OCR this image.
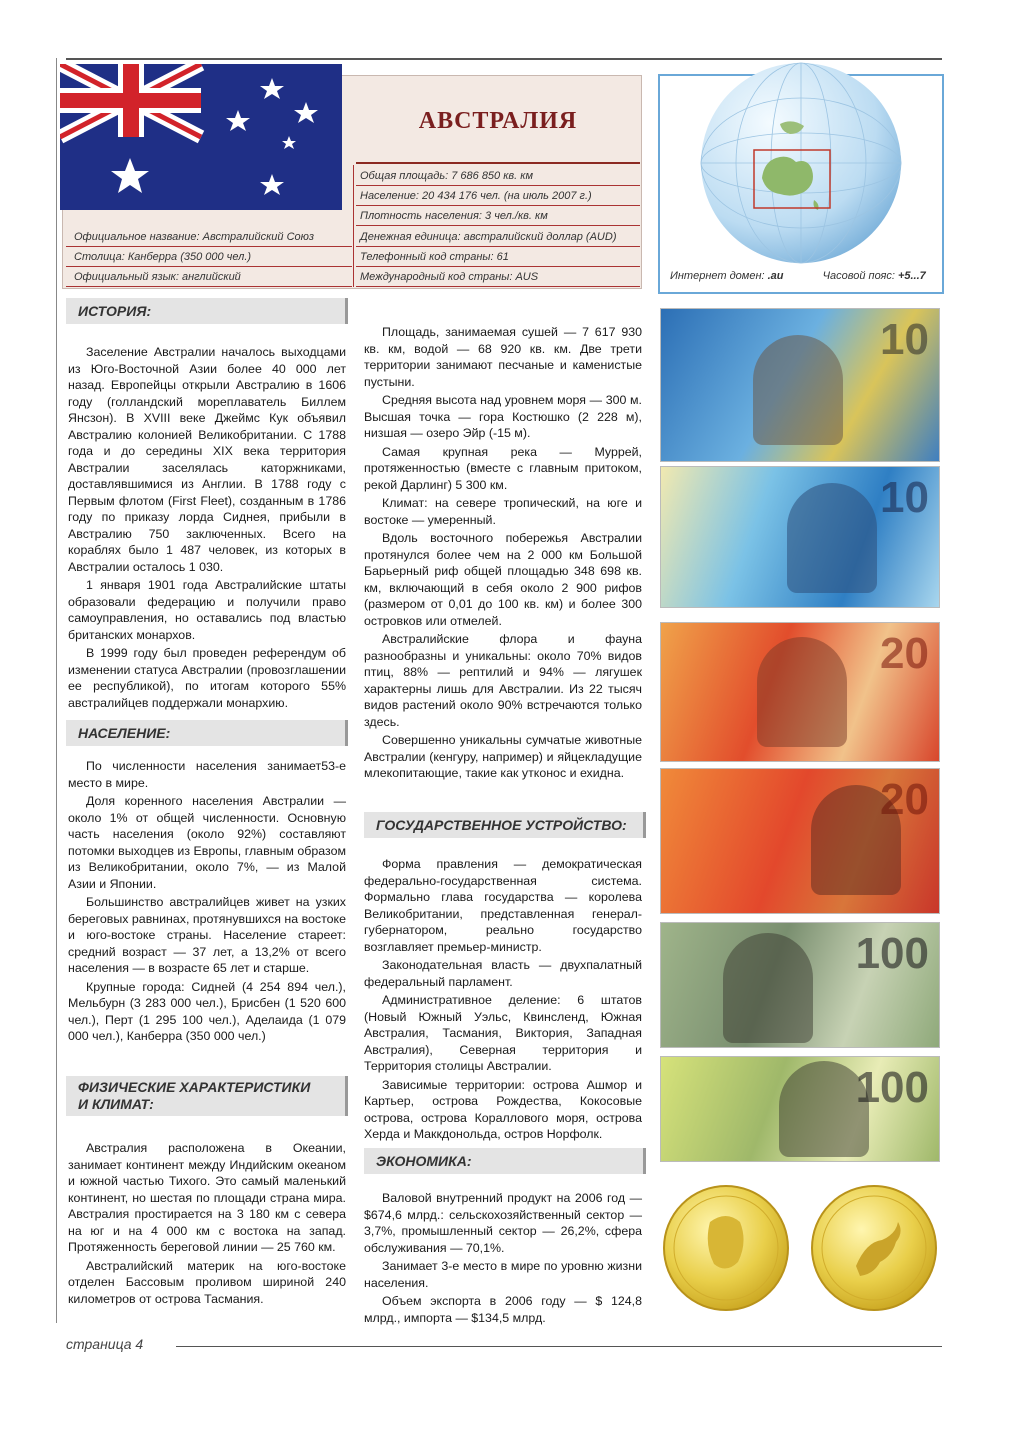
АВСТРАЛИЯ
Общая площадь: 7 686 850 кв. км
Население: 20 434 176 чел. (на июль 2007 г.)
Плотность населения: 3 чел./кв. км
Денежная единица: австралийский доллар (AUD)
Телефонный код страны: 61
Международный код страны: AUS
Официальное название: Австралийский Союз
Столица: Канберра (350 000 чел.)
Официальный язык: английский	Интернет домен: .au	Часовой пояс: +5...7
ИСТОРИЯ:

Заселение Австралии началось выходцами из Юго-Восточной Азии более 40 000 лет назад. Европейцы открыли Австралию в 1606 году (голландский мореплаватель Биллем Янсзон). В XVIII веке Джеймс Кук объявил Австралию колонией Великобритании. С 1788 года и до середины XIX века территория Австралии заселялась каторжниками, доставлявшимися из Англии. В 1788 году с Первым флотом (First Fleet), созданным в 1786 году по приказу лорда Сиднея, прибыли в Австралию 750 заключенных. Всего на кораблях было 1 487 человек, из которых в Австралии осталось 1 030.

1 января 1901 года Австралийские штаты образовали федерацию и получили право самоуправления, но оставались под властью британских монархов.

В 1999 году был проведен референдум об изменении статуса Австралии (провозглашении ее республикой), по итогам которого 55% австралийцев поддержали монархию.

НАСЕЛЕНИЕ:

По численности населения занимает53-е место в мире.

Доля коренного населения Австралии — около 1% от общей численности. Основную часть населения (около 92%) составляют потомки выходцев из Европы, главным образом из Великобритании, около 7%, — из Малой Азии и Японии.

Большинство австралийцев живет на узких береговых равнинах, протянувшихся на востоке и юго-востоке страны. Население стареет: средний возраст — 37 лет, а 13,2% от всего населения — в возрасте 65 лет и старше.

Крупные города: Сидней (4 254 894 чел.), Мельбурн (3 283 000 чел.), Брисбен (1 520 600 чел.), Перт (1 295 100 чел.), Аделаида (1 079 000 чел.), Канберра (350 000 чел.)

ФИЗИЧЕСКИЕ ХАРАКТЕРИСТИКИ
И КЛИМАТ:

Австралия расположена в Океании, занимает континент между Индийским океаном и южной частью Тихого. Это самый маленький континент, но шестая по площади страна мира. Австралия простирается на 3 180 км с севера на юг и на 4 000 км с востока на запад. Протяженность береговой линии — 25 760 км.

Австралийский материк на юго-востоке отделен Бассовым проливом шириной 240 километров от острова Тасмания.

Площадь, занимаемая сушей — 7 617 930 кв. км, водой — 68 920 кв. км. Две трети территории занимают песчаные и каменистые пустыни.

Средняя высота над уровнем моря — 300 м. Высшая точка — гора Костюшко (2 228 м), низшая — озеро Эйр (-15 м).

Самая крупная река — Муррей, протяженностью (вместе с главным притоком, рекой Дарлинг) 5 300 км.

Климат: на севере тропический, на юге и востоке — умеренный.

Вдоль восточного побережья Австралии протянулся более чем на 2 000 км Большой Барьерный риф общей площадью 348 698 кв. км, включающий в себя около 2 900 рифов (размером от 0,01 до 100 кв. км) и более 300 островков или отмелей.

Австралийские флора и фауна разнообразны и уникальны: около 70% видов птиц, 88% — рептилий и 94% — лягушек характерны лишь для Австралии. Из 22 тысяч видов растений около 90% встречаются только здесь.

Совершенно уникальны сумчатые животные Австралии (кенгуру, например) и яйцекладущие млекопитающие, такие как утконос и ехидна.

ГОСУДАРСТВЕННОЕ УСТРОЙСТВО:

Форма правления — демократическая федерально-государственная система. Формально глава государства — королева Великобритании, представленная генерал-губернатором, реально государство возглавляет премьер-министр.

Законодательная власть — двухпалатный федеральный парламент.

Административное деление: 6 штатов (Новый Южный Уэльс, Квинсленд, Южная Австралия, Тасмания, Виктория, Западная Австралия), Северная территория и Территория столицы Австралии.

Зависимые территории: острова Ашмор и Картьер, острова Рождества, Кокосовые острова, острова Кораллового моря, острова Херда и Маккдонольда, остров Норфолк.

ЭКОНОМИКА:

Валовой внутренний продукт на 2006 год — $674,6 млрд.: сельскохозяйственный сектор — 3,7%, промышленный сектор — 26,2%, сфера обслуживания — 70,1%.

Занимает 3-е место в мире по уровню жизни населения.

Объем экспорта в 2006 году — $ 124,8 млрд., импорта — $134,5 млрд.

10
10
20
20
100
100
страница 4
